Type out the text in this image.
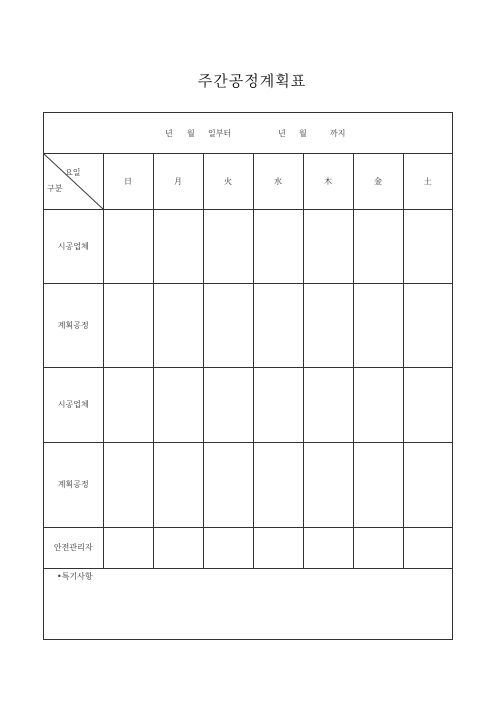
주간공정계획표
년 월 일부터	년 월	까지
요일
구분	日	月	火	水	木	金	土
시공업체							
계획공정							
시공업체							
계획공정							
안전관리자							
•특기사항
